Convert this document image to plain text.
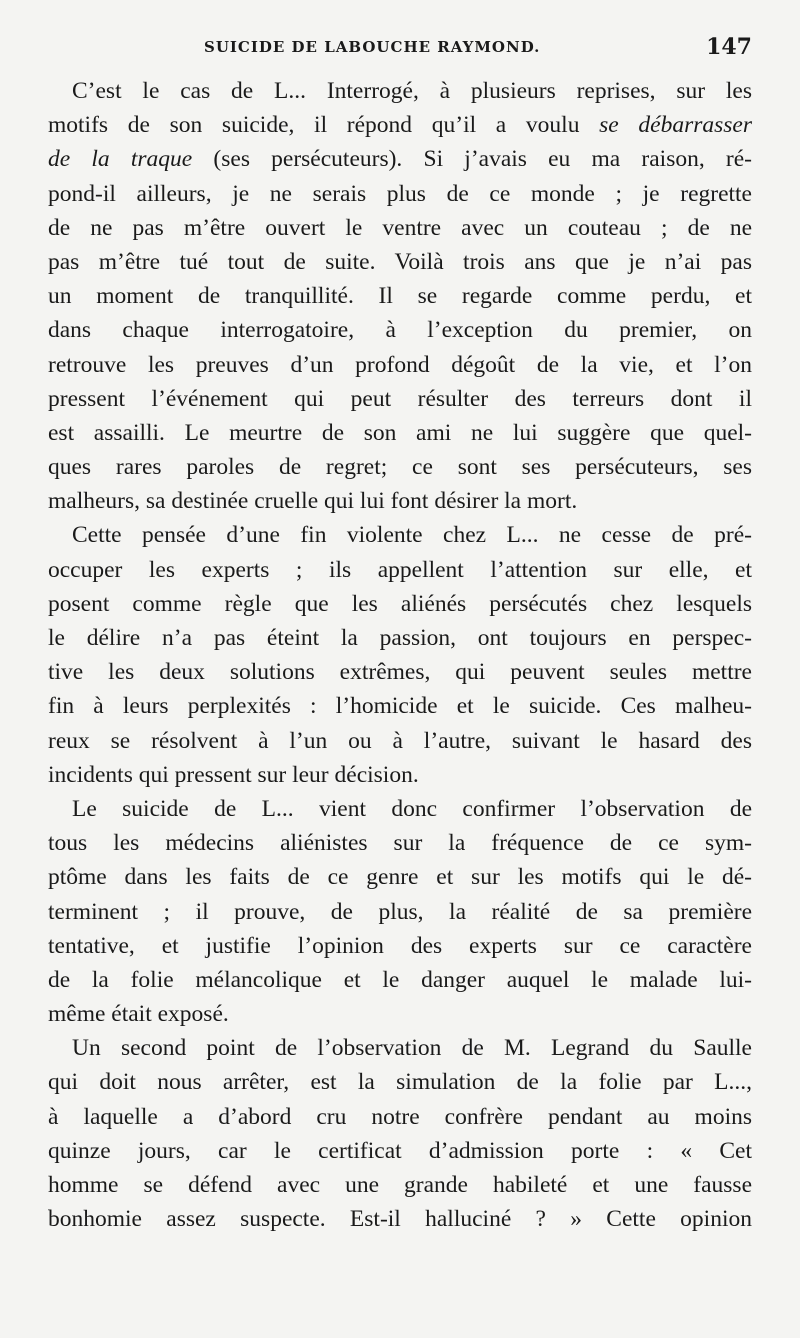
SUICIDE DE LABOUCHE RAYMOND.	147

C’est le cas de L... Interrogé, à plusieurs reprises, sur les
motifs de son suicide, il répond qu’il a voulu se débarrasser
de la traque (ses persécuteurs). Si j’avais eu ma raison, ré-
pond-il ailleurs, je ne serais plus de ce monde ; je regrette
de ne pas m’être ouvert le ventre avec un couteau ; de ne
pas m’être tué tout de suite. Voilà trois ans que je n’ai pas
un moment de tranquillité. Il se regarde comme perdu, et
dans chaque interrogatoire, à l’exception du premier, on
retrouve les preuves d’un profond dégoût de la vie, et l’on
pressent l’événement qui peut résulter des terreurs dont il
est assailli. Le meurtre de son ami ne lui suggère que quel-
ques rares paroles de regret; ce sont ses persécuteurs, ses
malheurs, sa destinée cruelle qui lui font désirer la mort.

Cette pensée d’une fin violente chez L... ne cesse de pré-
occuper les experts ; ils appellent l’attention sur elle, et
posent comme règle que les aliénés persécutés chez lesquels
le délire n’a pas éteint la passion, ont toujours en perspec-
tive les deux solutions extrêmes, qui peuvent seules mettre
fin à leurs perplexités : l’homicide et le suicide. Ces malheu-
reux se résolvent à l’un ou à l’autre, suivant le hasard des
incidents qui pressent sur leur décision.

Le suicide de L... vient donc confirmer l’observation de
tous les médecins aliénistes sur la fréquence de ce sym-
ptôme dans les faits de ce genre et sur les motifs qui le dé-
terminent ; il prouve, de plus, la réalité de sa première
tentative, et justifie l’opinion des experts sur ce caractère
de la folie mélancolique et le danger auquel le malade lui-
même était exposé.

Un second point de l’observation de M. Legrand du Saulle
qui doit nous arrêter, est la simulation de la folie par L...,
à laquelle a d’abord cru notre confrère pendant au moins
quinze jours, car le certificat d’admission porte : « Cet
homme se défend avec une grande habileté et une fausse
bonhomie assez suspecte. Est-il halluciné ? » Cette opinion
